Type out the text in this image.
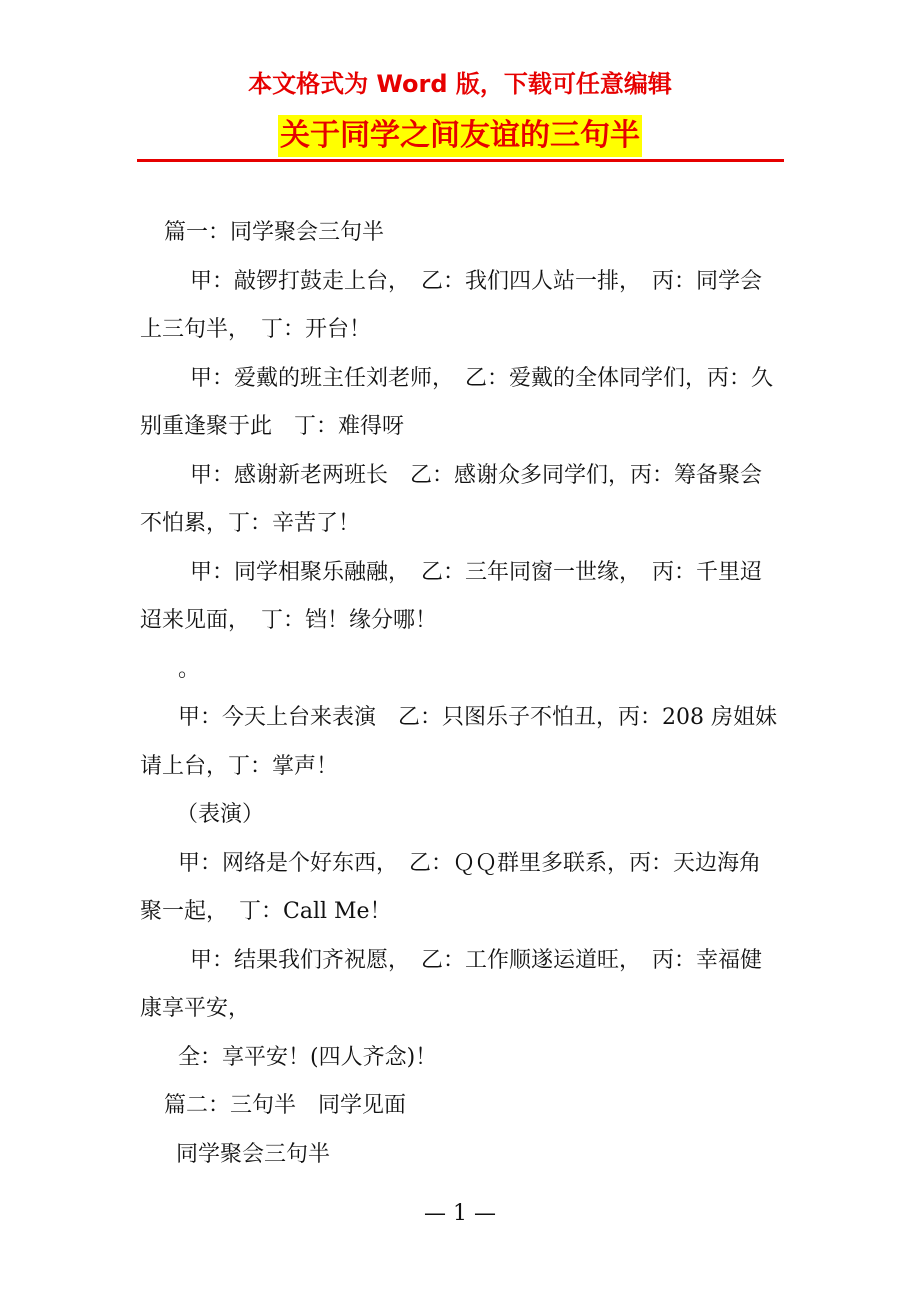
本文格式为 Word 版，下载可任意编辑
关于同学之间友谊的三句半

篇一：同学聚会三句半

甲：敲锣打鼓走上台，　乙：我们四人站一排，　丙：同学会上三句半，　丁：开台！

甲：爱戴的班主任刘老师，　乙：爱戴的全体同学们，丙：久别重逢聚于此　丁：难得呀

甲：感谢新老两班长　乙：感谢众多同学们，丙：筹备聚会不怕累，丁：辛苦了！

甲：同学相聚乐融融，　乙：三年同窗一世缘，　丙：千里迢迢来见面，　丁：铛！缘分哪！

。

甲：今天上台来表演　乙：只图乐子不怕丑，丙：208 房姐妹请上台，丁：掌声！

（表演）

甲：网络是个好东西，　乙：ＱＱ群里多联系，丙：天边海角聚一起，　丁：Call Me！

甲：结果我们齐祝愿，　乙：工作顺遂运道旺，　丙：幸福健康享平安，

全：享平安！(四人齐念)！

篇二：三句半　同学见面

同学聚会三句半

— 1 —
